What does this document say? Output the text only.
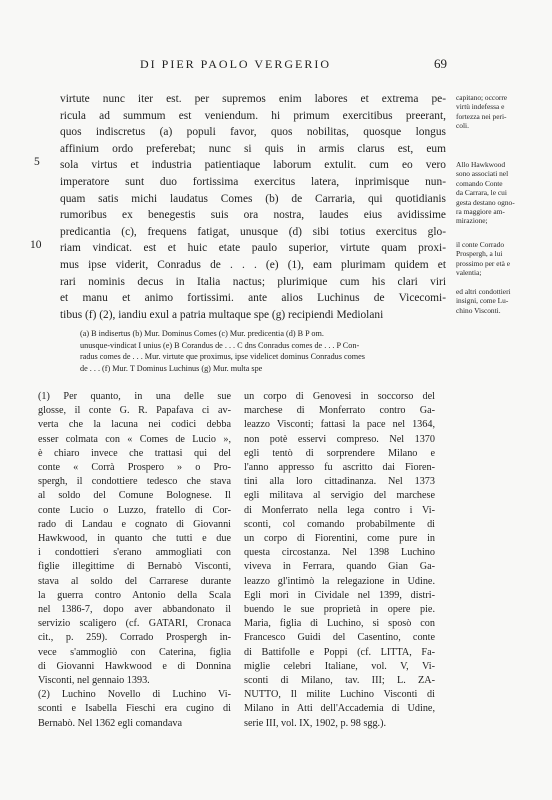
DI PIER PAOLO VERGERIO	69
virtute nunc iter est. per supremos enim labores et extrema pe-
ricula ad summum est veniendum. hi primum exercitibus preerant,
quos indiscretus (a) populi favor, quos nobilitas, quosque longus
affinium ordo preferebat; nunc si quis in armis clarus est, eum
sola virtus et industria patientiaque laborum extulit. cum eo vero
imperatore sunt duo fortissima exercitus latera, inprimisque nun-
quam satis michi laudatus Comes (b) de Carraria, qui quotidianis
rumoribus ex benegestis suis ora nostra, laudes eius avidissime
predicantia (c), frequens fatigat, unusque (d) sibi totius exercitus glo-
riam vindicat. est et huic etate paulo superior, virtute quam proxi-
mus ipse viderit, Conradus de . . . (e) (1), eam plurimam quidem et
rari nominis decus in Italia nactus; plurimique cum his clari viri
et manu et animo fortissimi. ante alios Luchinus de Vicecomi-
tibus (f) (2), iandiu exul a patria multaque spe (g) recipiendi Mediolani
5
10
capitano; occorre
virtù indefessa e
fortezza nei peri-
coli.
Allo Hawkwood
sono associati nel
comando Conte
da Carrara, le cui
gesta destano ogno-
ra maggiore am-
mirazione;
il conte Corrado
Prospergh, a lui
prossimo per età e
valentia;
ed altri condottieri
insigni, come Lu-
chino Visconti.
(a) B indisertus (b) Mur. Dominus Comes (c) Mur. predicentia (d) B P om.
unusque-vindicat I unius (e) B Corandus de . . . C dns Conradus comes de . . . P Con-
radus comes de . . . Mur. virtute que proximus, ipse videlicet dominus Conradus comes
de . . . (f) Mur. T Dominus Luchinus (g) Mur. multa spe
(1) Per quanto, in una delle sue
glosse, il conte G. R. Papafava ci av-
verta che la lacuna nei codici debba
esser colmata con « Comes de Lucio »,
è chiaro invece che trattasi qui del
conte « Corrà Prospero » o Pro-
spergh, il condottiere tedesco che stava
al soldo del Comune Bolognese. Il
conte Lucio o Luzzo, fratello di Cor-
rado di Landau e cognato di Giovanni
Hawkwood, in quanto che tutti e due
i condottieri s'erano ammogliati con
figlie illegittime di Bernabò Visconti,
stava al soldo del Carrarese durante
la guerra contro Antonio della Scala
nel 1386-7, dopo aver abbandonato il
servizio scaligero (cf. GATARI, Cronaca
cit., p. 259). Corrado Prospergh in-
vece s'ammogliò con Caterina, figlia
di Giovanni Hawkwood e di Donnina
Visconti, nel gennaio 1393.
(2) Luchino Novello di Luchino Vi-
sconti e Isabella Fieschi era cugino di
Bernabò. Nel 1362 egli comandava
un corpo di Genovesi in soccorso del
marchese di Monferrato contro Ga-
leazzo Visconti; fattasi la pace nel 1364,
non potè esservi compreso. Nel 1370
egli tentò di sorprendere Milano e
l'anno appresso fu ascritto dai Fioren-
tini alla loro cittadinanza. Nel 1373
egli militava al servigio del marchese
di Monferrato nella lega contro i Vi-
sconti, col comando probabilmente di
un corpo di Fiorentini, come pure in
questa circostanza. Nel 1398 Luchino
viveva in Ferrara, quando Gian Ga-
leazzo gl'intimò la relegazione in Udine.
Egli morì in Cividale nel 1399, distri-
buendo le sue proprietà in opere pie.
Maria, figlia di Luchino, si sposò con
Francesco Guidi del Casentino, conte
di Battifolle e Poppi (cf. LITTA, Fa-
miglie celebri Italiane, vol. V, Vi-
sconti di Milano, tav. III; L. ZA-
NUTTO, Il milite Luchino Visconti di
Milano in Atti dell'Accademia di Udine,
serie III, vol. IX, 1902, p. 98 sgg.).
